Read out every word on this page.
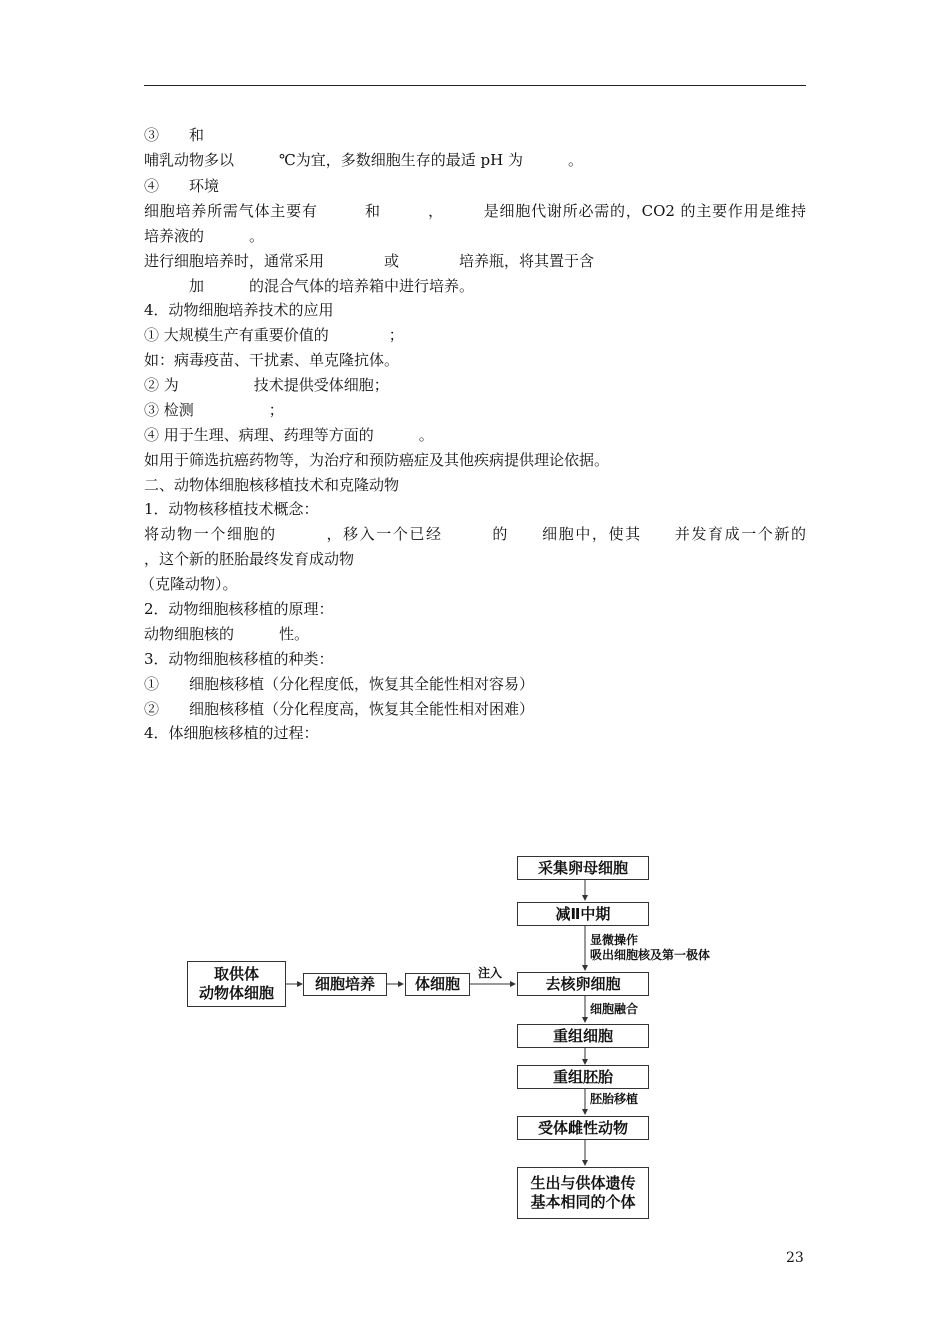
③　　和
哺乳动物多以　　　℃为宜，多数细胞生存的最适 pH 为　　　。
④　　环境
细胞培养所需气体主要有　　　和　　　，　　　是细胞代谢所必需的，CO2 的主要作用是维持
培养液的　　　。
进行细胞培养时，通常采用　　　　或　　　　培养瓶，将其置于含
　　　加　　　的混合气体的培养箱中进行培养。
4．动物细胞培养技术的应用
① 大规模生产有重要价值的　　　　；
如：病毒疫苗、干扰素、单克隆抗体。
② 为　　　　　技术提供受体细胞；
③ 检测　　　　　；
④ 用于生理、病理、药理等方面的　　　。
如用于筛选抗癌药物等，为治疗和预防癌症及其他疾病提供理论依据。
二、动物体细胞核移植技术和克隆动物
1．动物核移植技术概念：
将动物一个细胞的　　　，移入一个已经　　　的　　细胞中，使其　　并发育成一个新的
，这个新的胚胎最终发育成动物
（克隆动物）。
2．动物细胞核移植的原理：
动物细胞核的　　　性。
3．动物细胞核移植的种类：
①　　细胞核移植（分化程度低，恢复其全能性相对容易）
②　　细胞核移植（分化程度高，恢复其全能性相对困难）
4．体细胞核移植的过程：
取供体
动物体细胞	细胞培养	体细胞
注入
采集卵母细胞
减Ⅱ中期
显微操作
吸出细胞核及第一极体
去核卵细胞
细胞融合
重组细胞
重组胚胎
胚胎移植
受体雌性动物
生出与供体遗传
基本相同的个体
23
